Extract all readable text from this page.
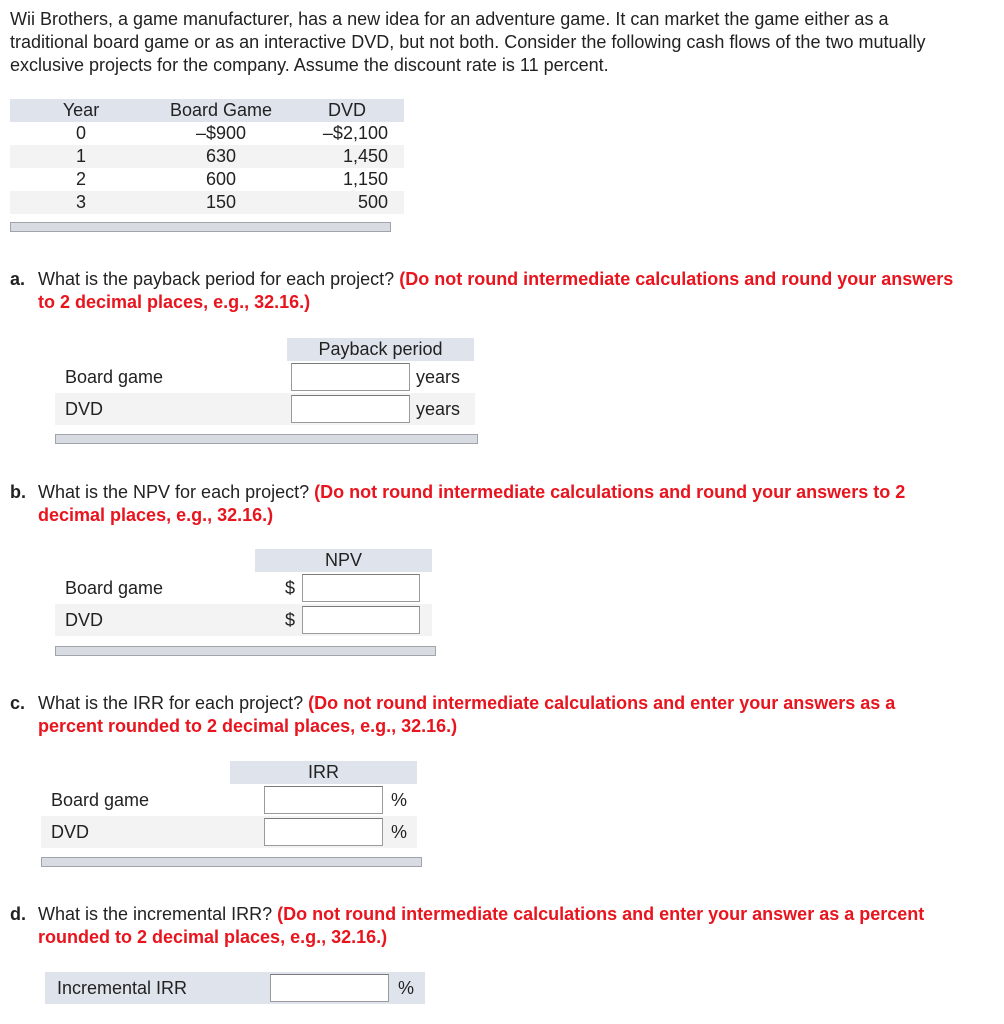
Wii Brothers, a game manufacturer, has a new idea for an adventure game. It can market the game either as a traditional board game or as an interactive DVD, but not both. Consider the following cash flows of the two mutually exclusive projects for the company. Assume the discount rate is 11 percent.
Year	Board Game	DVD
0	–$900	–$2,100
1	630	1,450
2	600	1,150
3	150	500
a. What is the payback period for each project? (Do not round intermediate calculations and round your answers to 2 decimal places, e.g., 32.16.)
Payback period
Board game	years
DVD	years
b. What is the NPV for each project? (Do not round intermediate calculations and round your answers to 2 decimal places, e.g., 32.16.)
NPV
Board game	$
DVD	$
c. What is the IRR for each project? (Do not round intermediate calculations and enter your answers as a percent rounded to 2 decimal places, e.g., 32.16.)
IRR
Board game	%
DVD	%
d. What is the incremental IRR? (Do not round intermediate calculations and enter your answer as a percent rounded to 2 decimal places, e.g., 32.16.)
Incremental IRR	%
